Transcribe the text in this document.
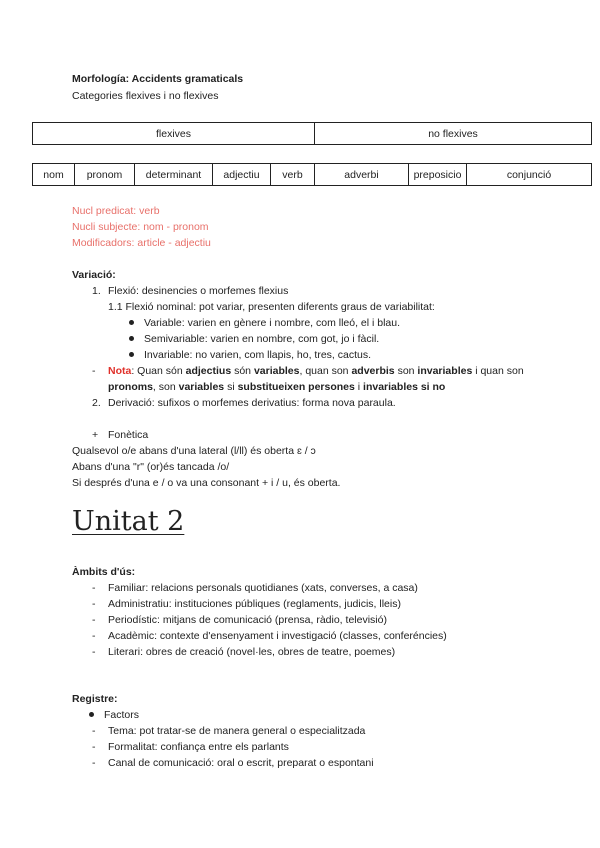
Morfología: Accidents gramaticals
Categories flexives i no flexives
flexives	no flexives
nom	pronom	determinant	adjectiu	verb	adverbi	preposicio	conjunció
Nucl predicat: verb
Nucli subjecte: nom - pronom
Modificadors: article - adjectiu
Variació:
1. Flexió: desinencies o morfemes flexius
1.1 Flexió nominal: pot variar, presenten diferents graus de variabilitat:
Variable: varien en gènere i nombre, com lleó, el i blau.
Semivariable: varien en nombre, com got, jo i fàcil.
Invariable: no varien, com llapis, ho, tres, cactus.
- Nota: Quan són adjectius són variables, quan son adverbis son invariables i quan son
pronoms, son variables si substitueixen persones i invariables si no
2. Derivació: sufixos o morfemes derivatius: forma nova paraula.
+ Fonètica
Qualsevol o/e abans d'una lateral (l/ll) és oberta ɛ / ɔ
Abans d'una "r" (or)és tancada /o/
Si després d'una e / o va una consonant + i / u, és oberta.
Unitat 2
Àmbits d'ús:
- Familiar: relacions personals quotidianes (xats, converses, a casa)
- Administratiu: instituciones públiques (reglaments, judicis, lleis)
- Periodístic: mitjans de comunicació (prensa, ràdio, televisió)
- Acadèmic: contexte d'ensenyament i investigació (classes, conferéncies)
- Literari: obres de creació (novel·les, obres de teatre, poemes)
Registre:
Factors
- Tema: pot tratar-se de manera general o especialitzada
- Formalitat: confiança entre els parlants
- Canal de comunicació: oral o escrit, preparat o espontani
